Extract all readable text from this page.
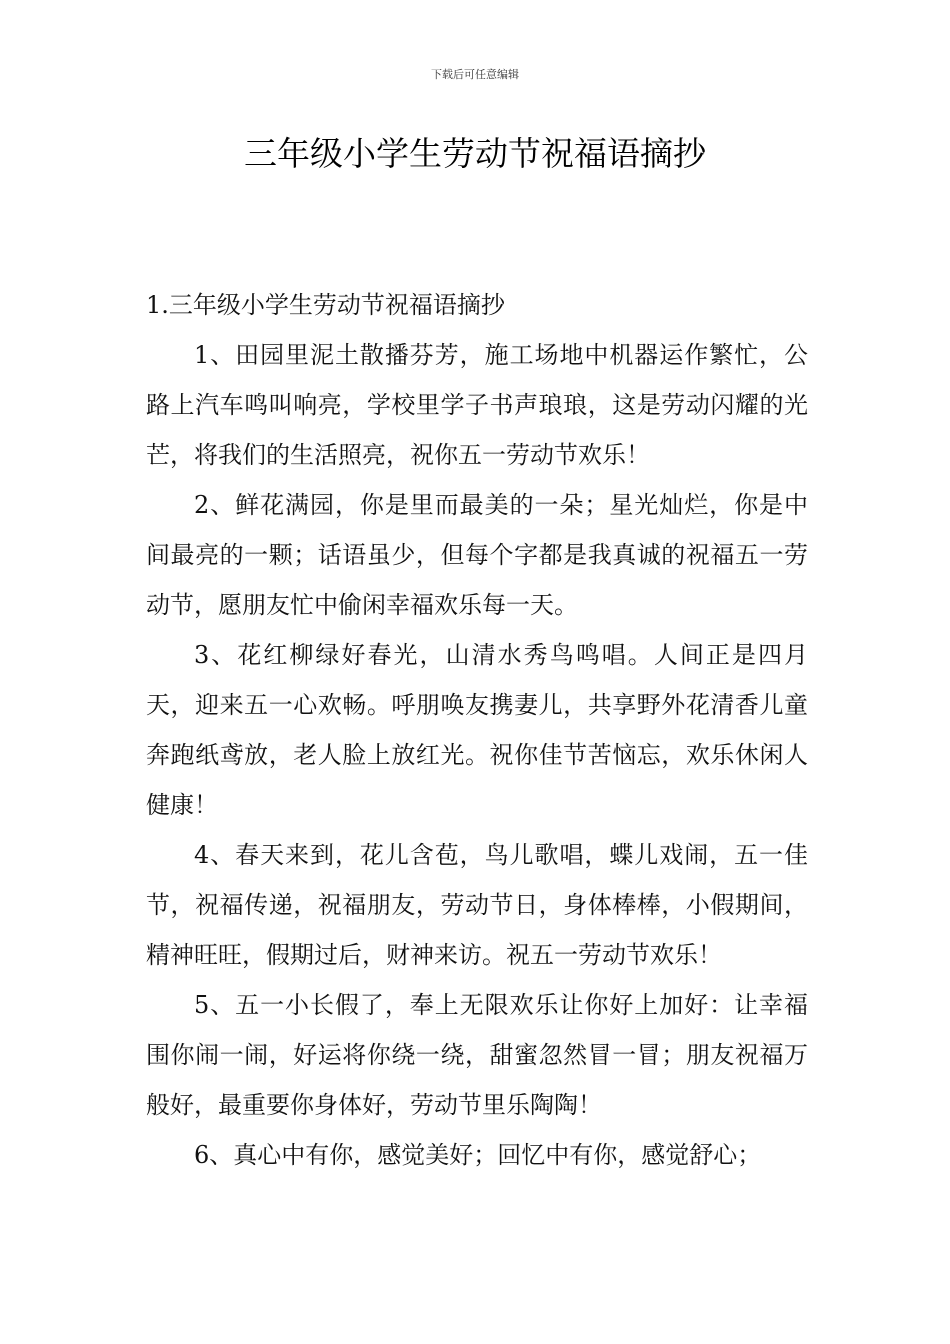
下载后可任意编辑
三年级小学生劳动节祝福语摘抄
1.三年级小学生劳动节祝福语摘抄

1、田园里泥土散播芬芳，施工场地中机器运作繁忙，公路上汽车鸣叫响亮，学校里学子书声琅琅，这是劳动闪耀的光芒，将我们的生活照亮，祝你五一劳动节欢乐！

2、鲜花满园，你是里而最美的一朵；星光灿烂，你是中间最亮的一颗；话语虽少，但每个字都是我真诚的祝福五一劳动节，愿朋友忙中偷闲幸福欢乐每一天。

3、花红柳绿好春光，山清水秀鸟鸣唱。人间正是四月天，迎来五一心欢畅。呼朋唤友携妻儿，共享野外花清香儿童奔跑纸鸢放，老人脸上放红光。祝你佳节苦恼忘，欢乐休闲人健康！

4、春天来到，花儿含苞，鸟儿歌唱，蝶儿戏闹，五一佳节，祝福传递，祝福朋友，劳动节日，身体棒棒，小假期间，精神旺旺，假期过后，财神来访。祝五一劳动节欢乐！

5、五一小长假了，奉上无限欢乐让你好上加好：让幸福围你闹一闹，好运将你绕一绕，甜蜜忽然冒一冒；朋友祝福万般好，最重要你身体好，劳动节里乐陶陶！

6、真心中有你，感觉美好；回忆中有你，感觉舒心；
